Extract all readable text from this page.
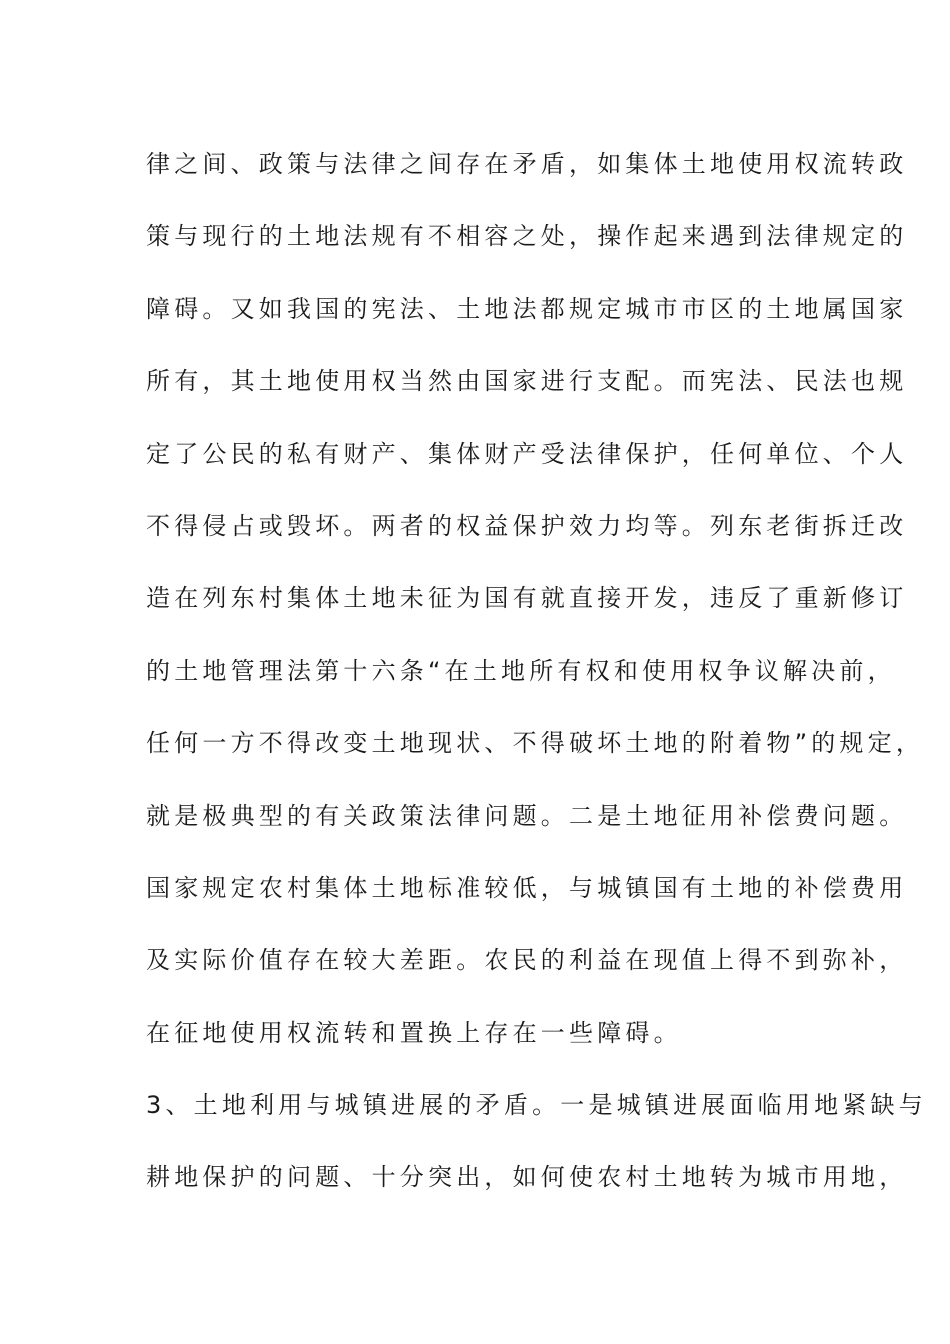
律之间、政策与法律之间存在矛盾，如集体土地使用权流转政
策与现行的土地法规有不相容之处，操作起来遇到法律规定的
障碍。又如我国的宪法、土地法都规定城市市区的土地属国家
所有，其土地使用权当然由国家进行支配。而宪法、民法也规
定了公民的私有财产、集体财产受法律保护，任何单位、个人
不得侵占或毁坏。两者的权益保护效力均等。列东老街拆迁改
造在列东村集体土地未征为国有就直接开发，违反了重新修订
的土地管理法第十六条“在土地所有权和使用权争议解决前，
任何一方不得改变土地现状、不得破坏土地的附着物”的规定，
就是极典型的有关政策法律问题。二是土地征用补偿费问题。
国家规定农村集体土地标准较低，与城镇国有土地的补偿费用
及实际价值存在较大差距。农民的利益在现值上得不到弥补，
在征地使用权流转和置换上存在一些障碍。
3、土地利用与城镇进展的矛盾。一是城镇进展面临用地紧缺与
耕地保护的问题、十分突出，如何使农村土地转为城市用地，
